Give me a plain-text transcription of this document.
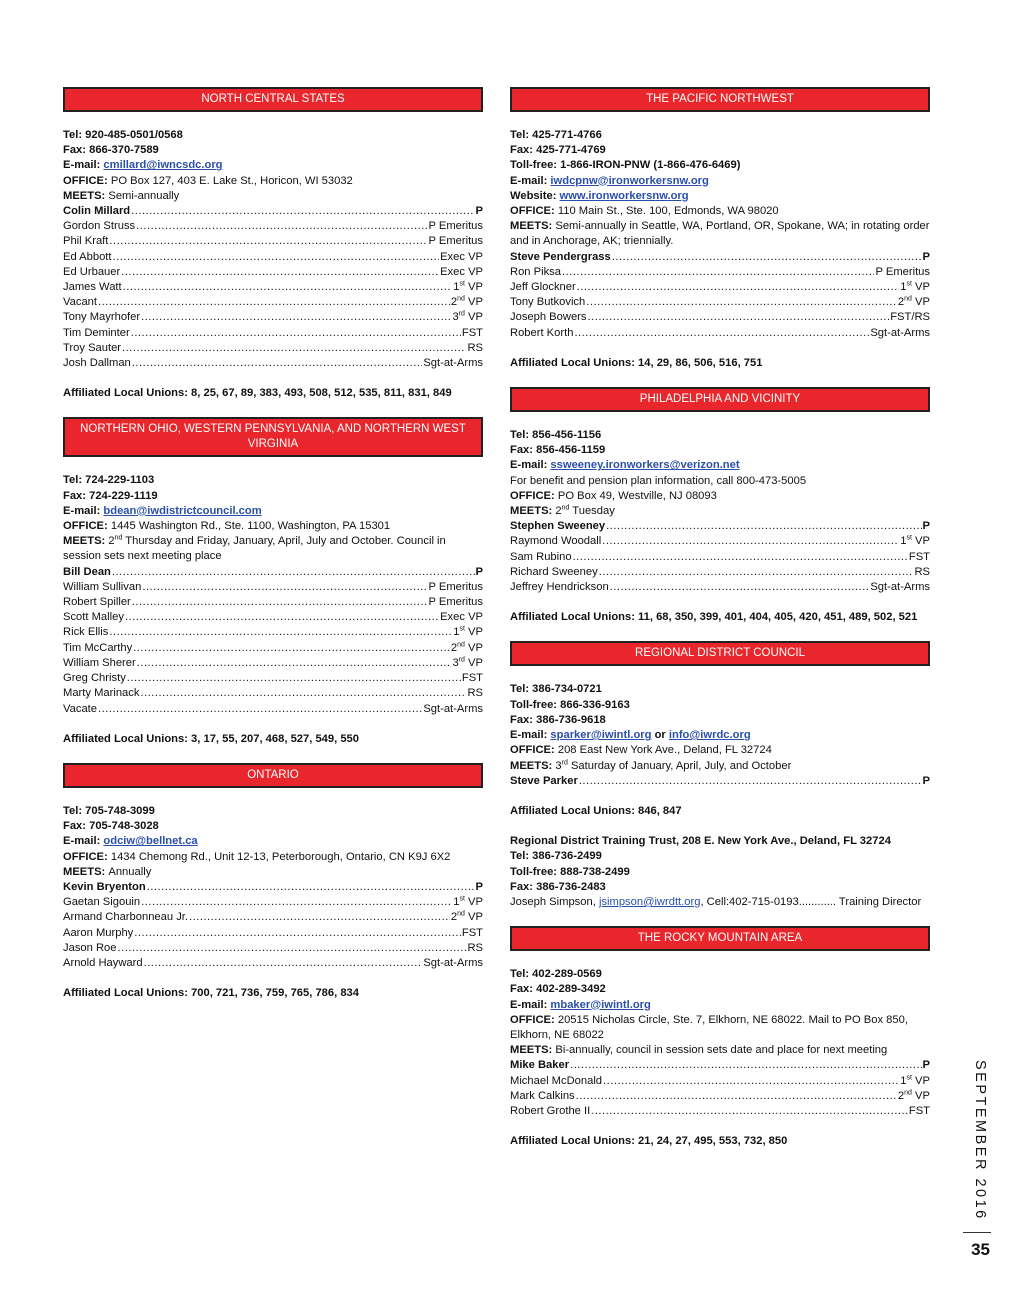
NORTH CENTRAL STATES
Tel: 920-485-0501/0568
Fax: 866-370-7589
E-mail: cmillard@iwncsdc.org
OFFICE: PO Box 127, 403 E. Lake St., Horicon, WI 53032
MEETS: Semi-annually
Colin Millard .....	P
Gordon Struss .....	P Emeritus
Phil Kraft .....	P Emeritus
Ed Abbott .....	Exec VP
Ed Urbauer .....	Exec VP
James Watt .....	1st VP
Vacant .....	2nd VP
Tony Mayrhofer .....	3rd VP
Tim Deminter .....	FST
Troy Sauter .....	RS
Josh Dallman .....	Sgt-at-Arms
Affiliated Local Unions: 8, 25, 67, 89, 383, 493, 508, 512, 535, 811, 831, 849
NORTHERN OHIO, WESTERN PENNSYLVANIA, AND NORTHERN WEST VIRGINIA
Tel: 724-229-1103
Fax: 724-229-1119
E-mail: bdean@iwdistrictcouncil.com
OFFICE: 1445 Washington Rd., Ste. 1100, Washington, PA 15301
MEETS: 2nd Thursday and Friday, January, April, July and October. Council in session sets next meeting place
Bill Dean .....	P
William Sullivan .....	P Emeritus
Robert Spiller .....	P Emeritus
Scott Malley .....	Exec VP
Rick Ellis .....	1st VP
Tim McCarthy .....	2nd VP
William Sherer .....	3rd VP
Greg Christy .....	FST
Marty Marinack .....	RS
Vacate .....	Sgt-at-Arms
Affiliated Local Unions: 3, 17, 55, 207, 468, 527, 549, 550
ONTARIO
Tel: 705-748-3099
Fax: 705-748-3028
E-mail: odciw@bellnet.ca
OFFICE: 1434 Chemong Rd., Unit 12-13, Peterborough, Ontario, CN K9J 6X2
MEETS: Annually
Kevin Bryenton .....	P
Gaetan Sigouin .....	1st VP
Armand Charbonneau Jr. .....	2nd VP
Aaron Murphy .....	FST
Jason Roe .....	RS
Arnold Hayward .....	Sgt-at-Arms
Affiliated Local Unions: 700, 721, 736, 759, 765, 786, 834
THE PACIFIC NORTHWEST
Tel: 425-771-4766
Fax: 425-771-4769
Toll-free: 1-866-IRON-PNW (1-866-476-6469)
E-mail: iwdcpnw@ironworkersnw.org
Website: www.ironworkersnw.org
OFFICE: 110 Main St., Ste. 100, Edmonds, WA 98020
MEETS: Semi-annually in Seattle, WA, Portland, OR, Spokane, WA; in rotating order and in Anchorage, AK; triennially.
Steve Pendergrass .....	P
Ron Piksa .....	P Emeritus
Jeff Glockner .....	1st VP
Tony Butkovich .....	2nd VP
Joseph Bowers .....	FST/RS
Robert Korth .....	Sgt-at-Arms
Affiliated Local Unions: 14, 29, 86, 506, 516, 751
PHILADELPHIA AND VICINITY
Tel: 856-456-1156
Fax: 856-456-1159
E-mail: ssweeney.ironworkers@verizon.net
For benefit and pension plan information, call 800-473-5005
OFFICE: PO Box 49, Westville, NJ 08093
MEETS: 2nd Tuesday
Stephen Sweeney .....	P
Raymond Woodall .....	1st VP
Sam Rubino .....	FST
Richard Sweeney .....	RS
Jeffrey Hendrickson .....	Sgt-at-Arms
Affiliated Local Unions: 11, 68, 350, 399, 401, 404, 405, 420, 451, 489, 502, 521
REGIONAL DISTRICT COUNCIL
Tel: 386-734-0721
Toll-free: 866-336-9163
Fax: 386-736-9618
E-mail: sparker@iwintl.org or info@iwrdc.org
OFFICE: 208 East New York Ave., Deland, FL 32724
MEETS: 3rd Saturday of January, April, July, and October
Steve Parker .....	P
Affiliated Local Unions: 846, 847
Regional District Training Trust, 208 E. New York Ave., Deland, FL 32724
Tel: 386-736-2499
Toll-free: 888-738-2499
Fax: 386-736-2483
Joseph Simpson, jsimpson@iwrdtt.org, Cell:402-715-0193............ Training Director
THE ROCKY MOUNTAIN AREA
Tel: 402-289-0569
Fax: 402-289-3492
E-mail: mbaker@iwintl.org
OFFICE: 20515 Nicholas Circle, Ste. 7, Elkhorn, NE 68022. Mail to PO Box 850, Elkhorn, NE 68022
MEETS: Bi-annually, council in session sets date and place for next meeting
Mike Baker .....	P
Michael McDonald .....	1st VP
Mark Calkins .....	2nd VP
Robert Grothe II .....	FST
Affiliated Local Unions: 21, 24, 27, 495, 553, 732, 850	SEPTEMBER 2016
35
